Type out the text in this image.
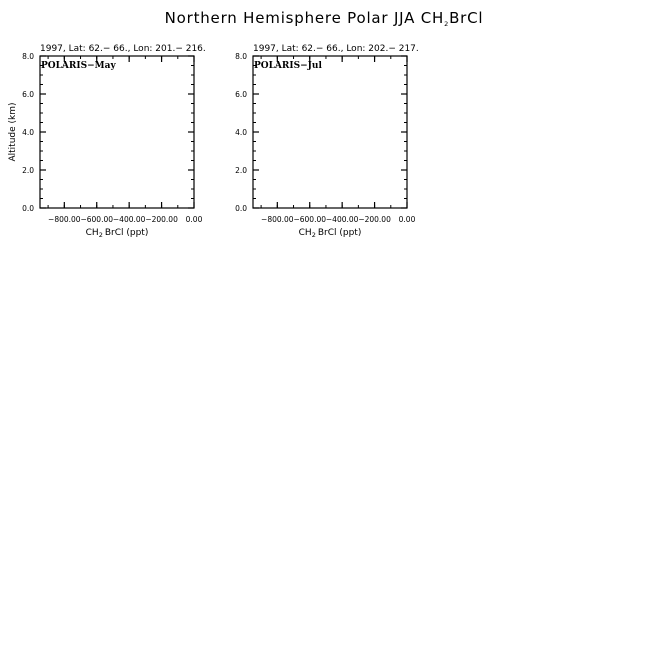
Northern Hemisphere Polar JJA $CH_2BrCl$
1997, Lat: 62.− 66., Lon: 201.− 216.
Altitude (km)
$CH_2$ BrCl (ppt)
POLARIS−May
−800.00 −600.00 −400.00 −200.00 0.00
0.0
2.0
4.0
6.0
8.0
1997, Lat: 62.− 66., Lon: 202.− 217.
$CH_2$ BrCl (ppt)
POLARIS−Jul
−800.00 −600.00 −400.00 −200.00 0.00
0.0
2.0
4.0
6.0
8.0
